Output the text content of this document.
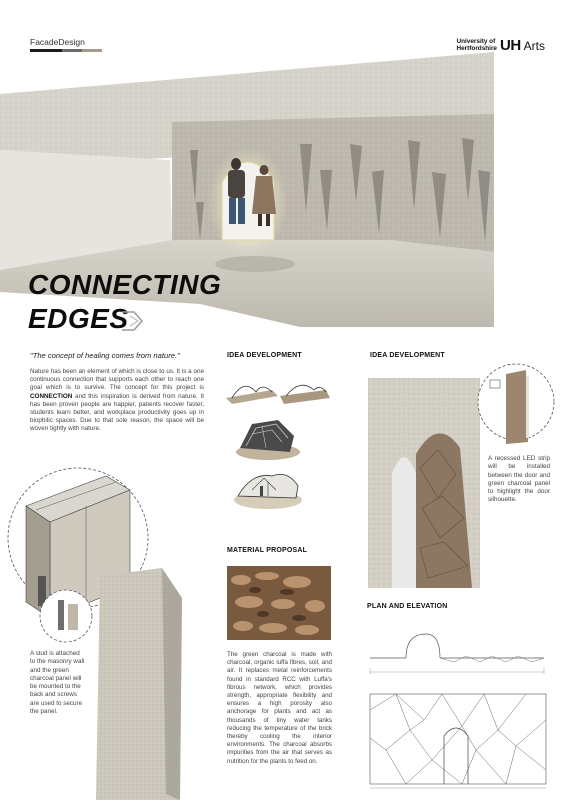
FacadeDesign	University of
Hertfordshire UH Arts
CONNECTING
EDGES
"The concept of healing comes from nature."
Nature has been an element of which is close to us. It is a one continuous connection that supports each other to reach one goal which is to survive. The concept for this project is CONNECTION and this inspiration is derived from nature. It has been proven people are happier, patients recover faster, students learn better, and workplace productivity goes up in biophilic spaces. Due to that sole reason, the space will be woven tightly with nature.
IDEA DEVELOPMENT	IDEA DEVELOPMENT
MATERIAL PROPOSAL
PLAN AND ELEVATION
A recessed LED strip will be installed between the door and green charcoal panel to highlight the door silhouette.
A stud is attached to the masonry wall and the green charcoal panel will be mounted to the back and screws are used to secure the panel.
The green charcoal is made with charcoal, organic luffa fibres, soil, and air. It replaces metal reinforcements found in standard RCC with Luffa's fibrous network, which provides strength, appropriate flexibility and ensures a high porosity also anchorage for plants and act as thousands of tiny water tanks reducing the temperature of the brick thereby cooling the interior environments. The charcoal absorbs impurities from the air that serves as nutrition for the plants to feed on.
